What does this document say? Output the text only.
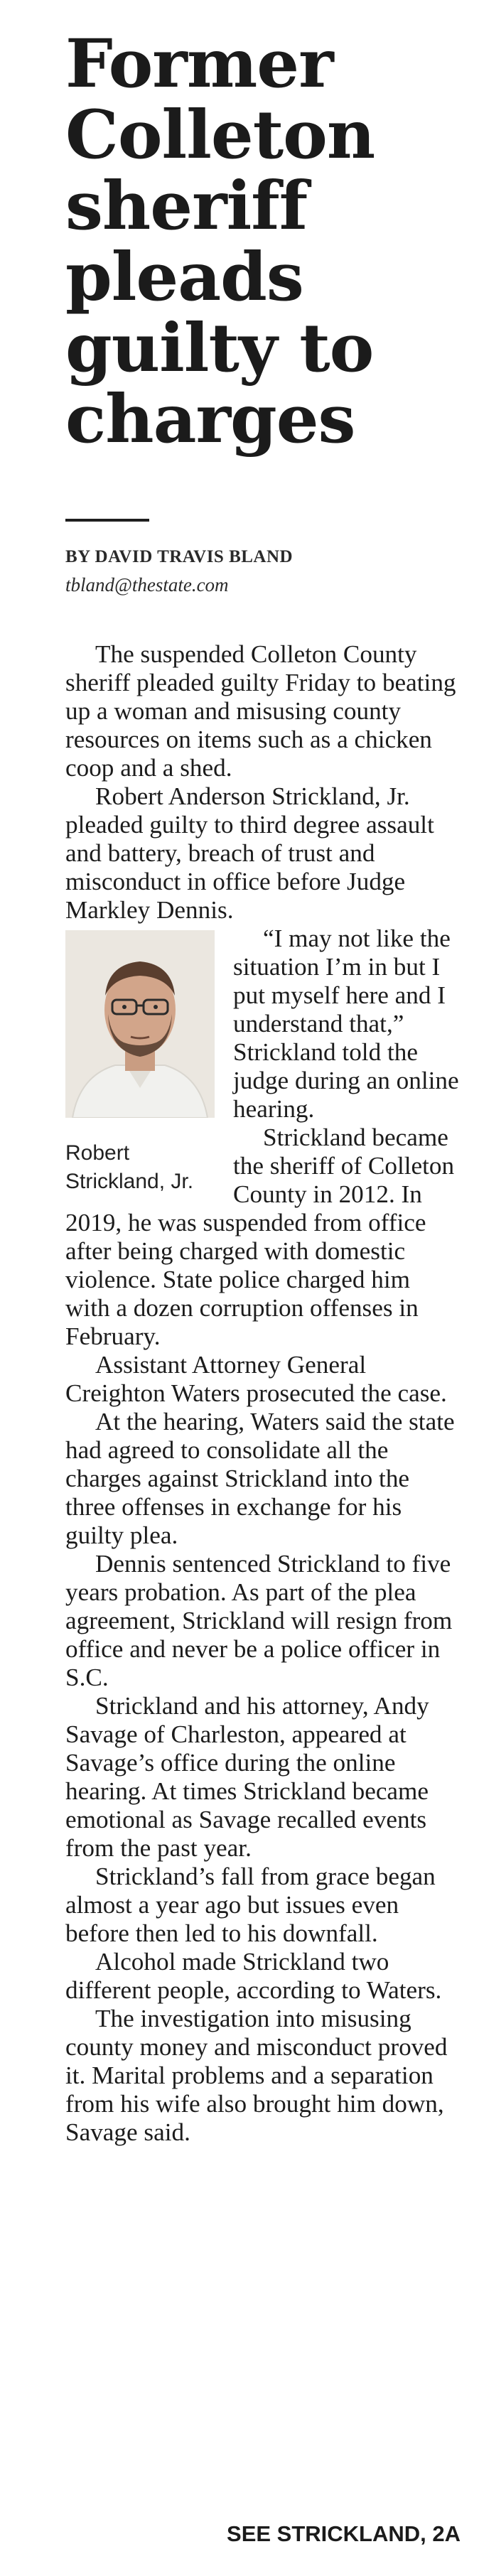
Former Colleton sheriff pleads guilty to charges
BY DAVID TRAVIS BLAND
tbland@thestate.com

The suspended Colleton County sheriff pleaded guilty Friday to beating up a woman and misusing county resources on items such as a chicken coop and a shed.

Robert Anderson Strickland, Jr. pleaded guilty to third degree assault and battery, breach of trust and misconduct in office before Judge Markley Dennis.

Robert Strickland, Jr.

“I may not like the situation I’m in but I put myself here and I understand that,” Strickland told the judge during an online hearing.

Strickland became the sheriff of Colleton County in 2012. In 2019, he was suspended from office after being charged with domestic violence. State police charged him with a dozen corruption offenses in February.

Assistant Attorney General Creighton Waters prosecuted the case.

At the hearing, Waters said the state had agreed to consolidate all the charges against Strickland into the three offenses in exchange for his guilty plea.

Dennis sentenced Strickland to five years probation. As part of the plea agreement, Strickland will resign from office and never be a police officer in S.C.

Strickland and his attorney, Andy Savage of Charleston, appeared at Savage’s office during the online hearing. At times Strickland became emotional as Savage recalled events from the past year.

Strickland’s fall from grace began almost a year ago but issues even before then led to his downfall.

Alcohol made Strickland two different people, according to Waters.

The investigation into misusing county money and misconduct proved it. Marital problems and a separation from his wife also brought him down, Savage said.

SEE STRICKLAND, 2A
